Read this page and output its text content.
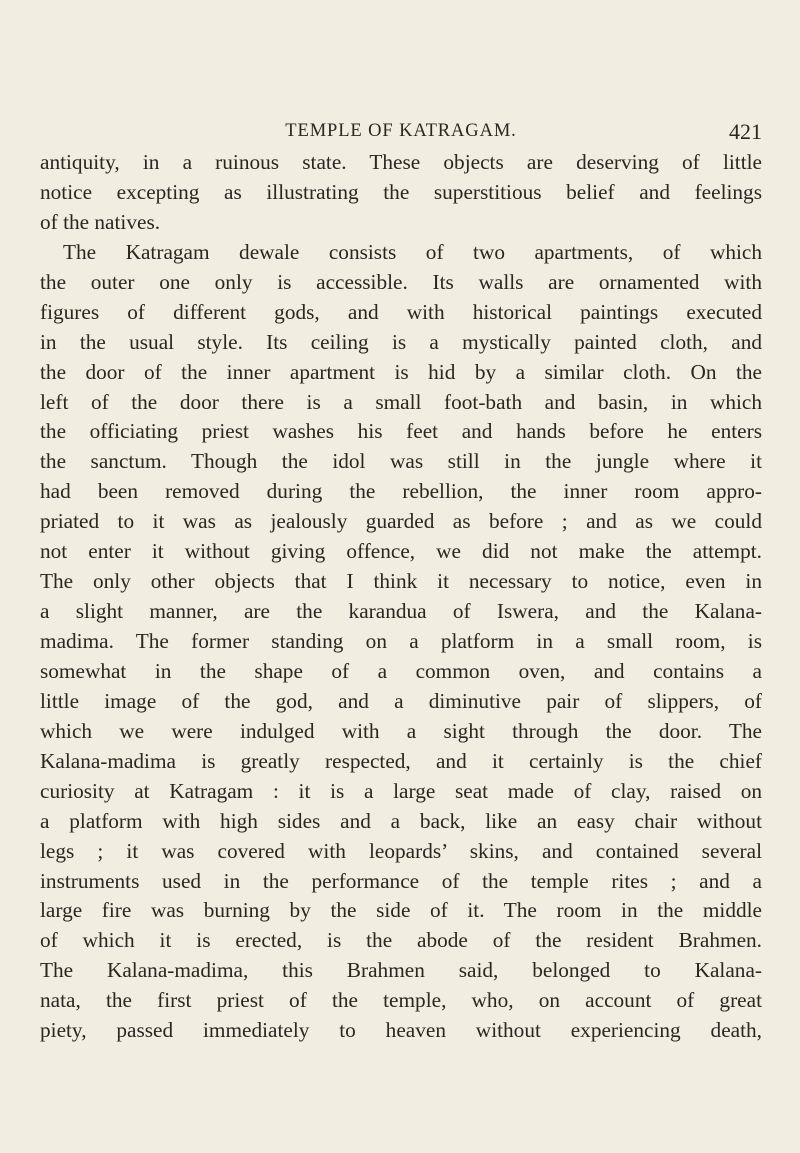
TEMPLE OF KATRAGAM.	421
antiquity, in a ruinous state. These objects are deserving of little
notice excepting as illustrating the superstitious belief and feelings
of the natives.
The Katragam dewale consists of two apartments, of which
the outer one only is accessible. Its walls are ornamented with
figures of different gods, and with historical paintings executed
in the usual style. Its ceiling is a mystically painted cloth, and
the door of the inner apartment is hid by a similar cloth. On the
left of the door there is a small foot-bath and basin, in which
the officiating priest washes his feet and hands before he enters
the sanctum. Though the idol was still in the jungle where it
had been removed during the rebellion, the inner room appro-
priated to it was as jealously guarded as before ; and as we could
not enter it without giving offence, we did not make the attempt.
The only other objects that I think it necessary to notice, even in
a slight manner, are the karandua of Iswera, and the Kalana-
madima. The former standing on a platform in a small room, is
somewhat in the shape of a common oven, and contains a
little image of the god, and a diminutive pair of slippers, of
which we were indulged with a sight through the door. The
Kalana-madima is greatly respected, and it certainly is the chief
curiosity at Katragam : it is a large seat made of clay, raised on
a platform with high sides and a back, like an easy chair without
legs ; it was covered with leopards’ skins, and contained several
instruments used in the performance of the temple rites ; and a
large fire was burning by the side of it. The room in the middle
of which it is erected, is the abode of the resident Brahmen.
The Kalana-madima, this Brahmen said, belonged to Kalana-
nata, the first priest of the temple, who, on account of great
piety, passed immediately to heaven without experiencing death,
